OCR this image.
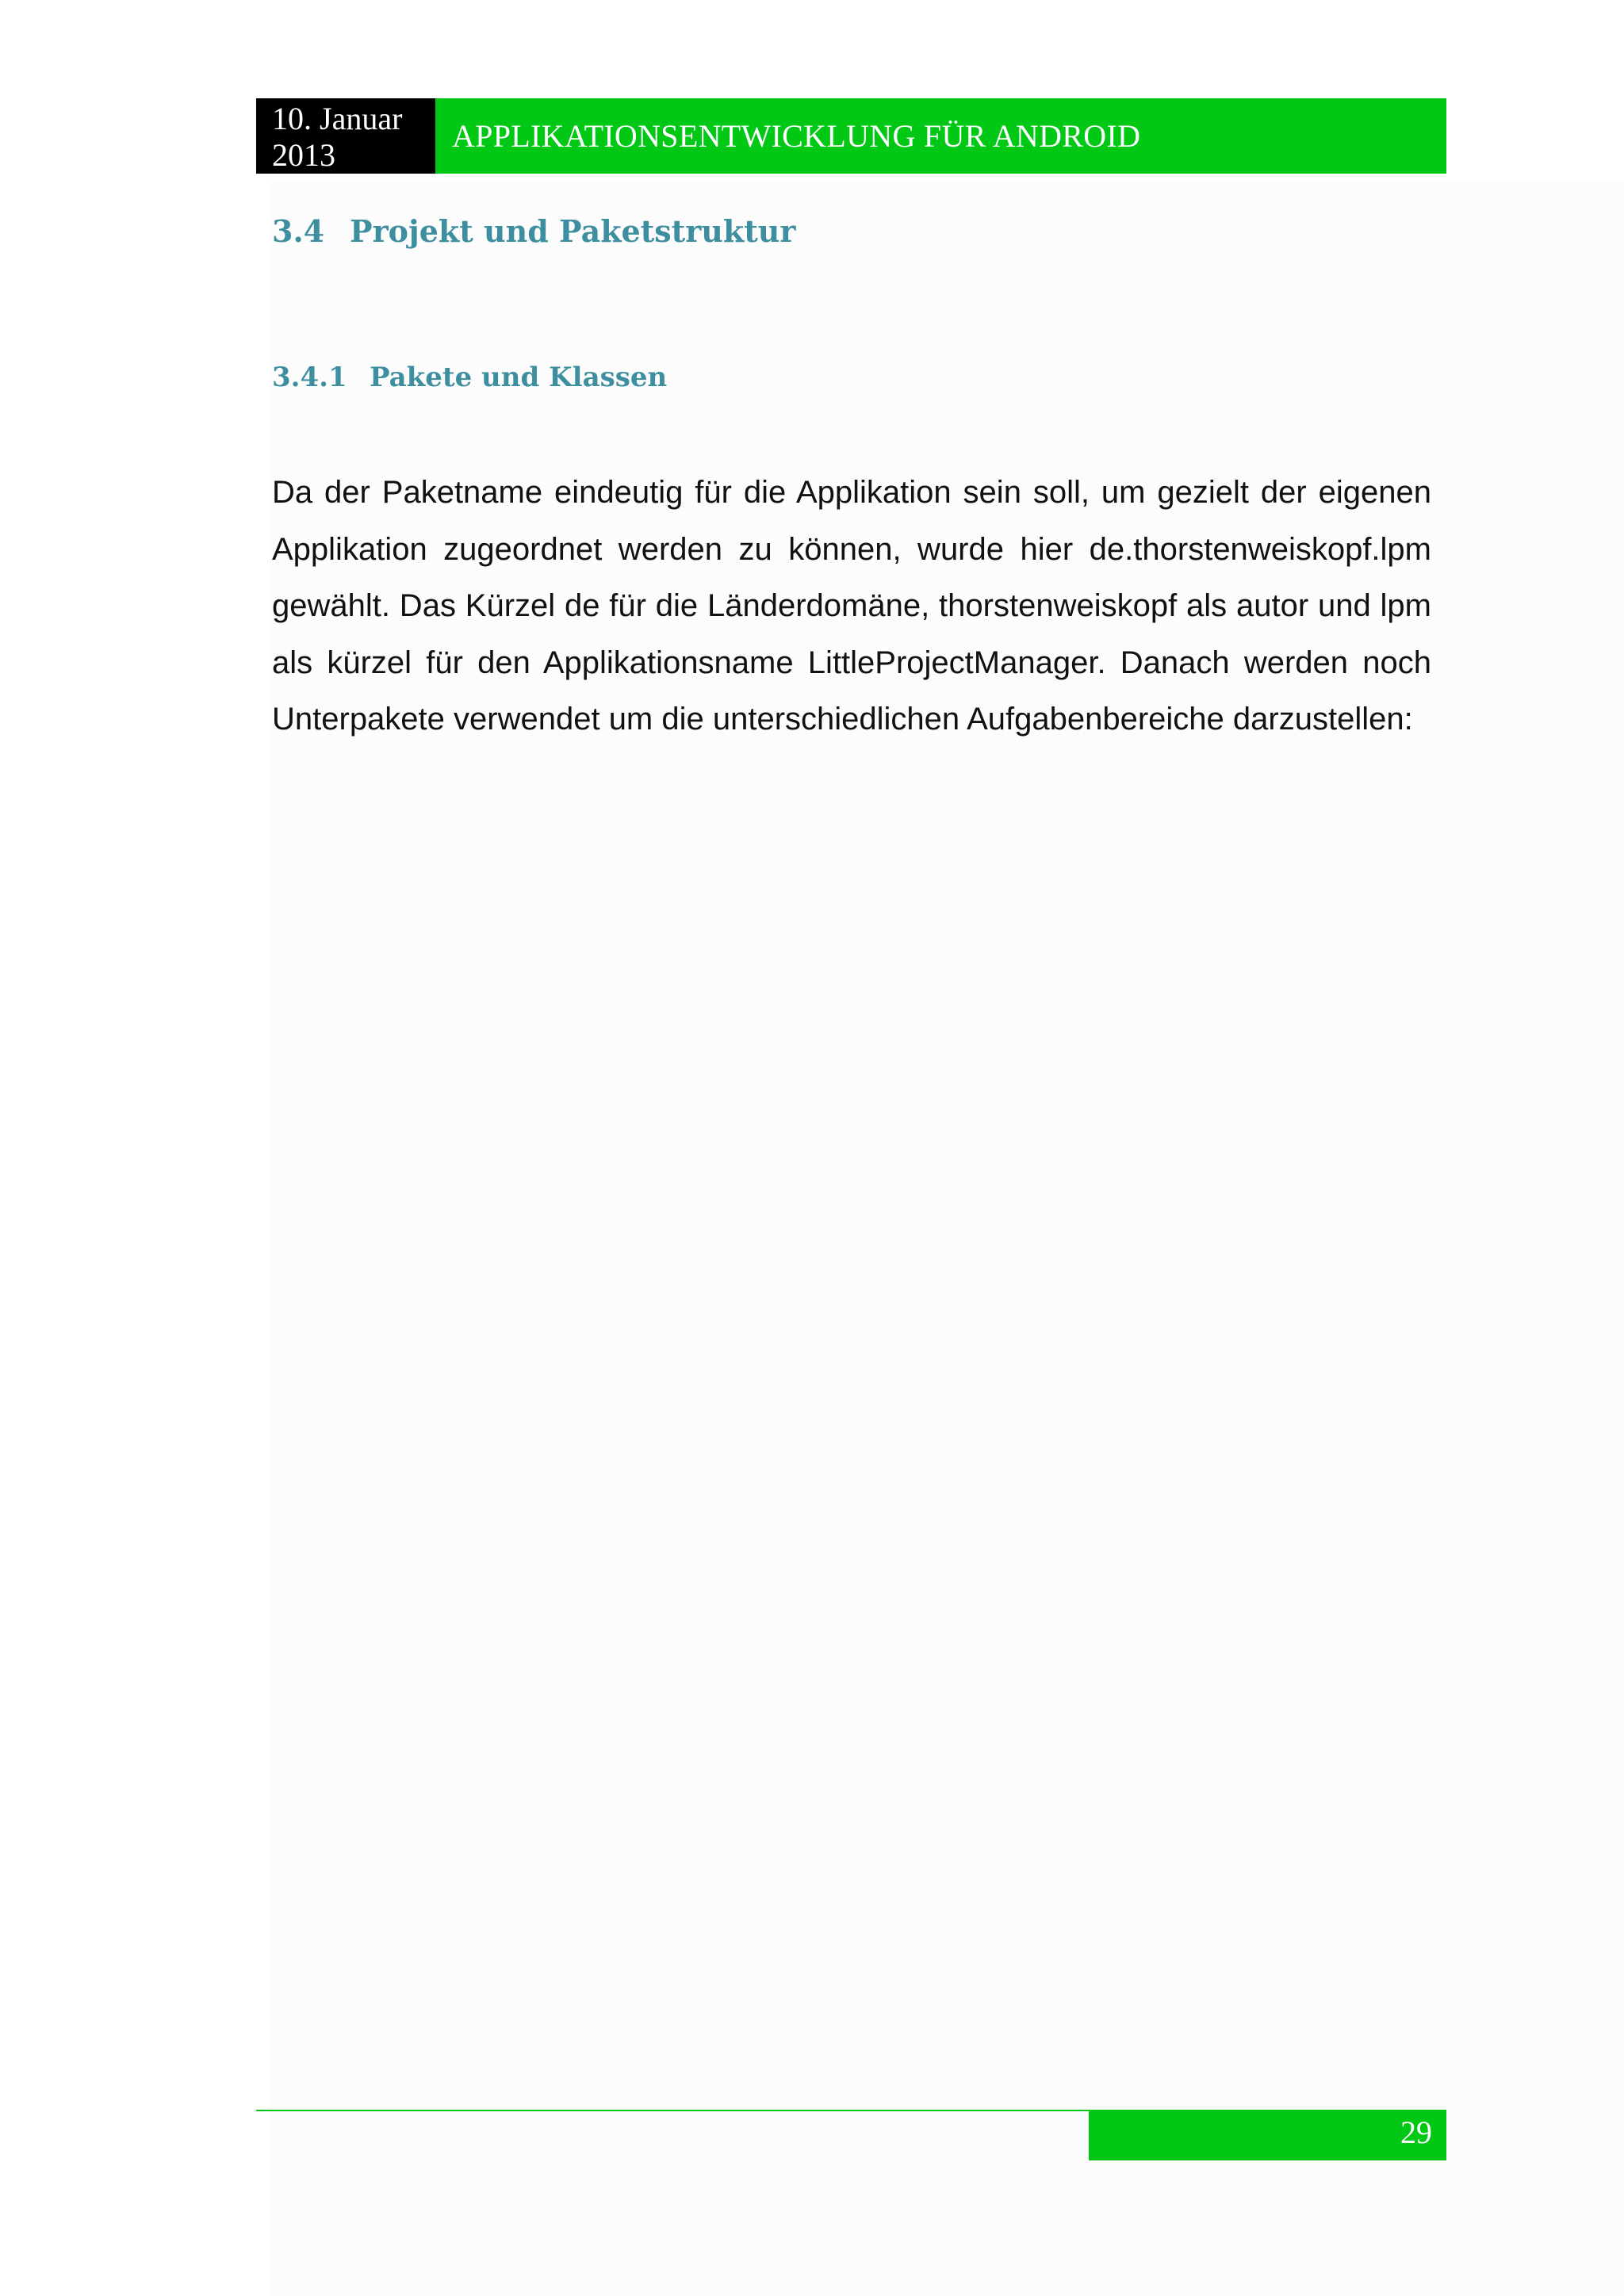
10. Januar
2013
APPLIKATIONSENTWICKLUNG FÜR ANDROID
3.4 Projekt und Paketstruktur
3.4.1 Pakete und Klassen

Da der Paketname eindeutig für die Applikation sein soll, um gezielt der eigenen Applikation zugeordnet werden zu können, wurde hier de.thorstenweiskopf.lpm gewählt. Das Kürzel de für die Länderdomäne, thorstenweiskopf als autor und lpm als kürzel für den Applikationsname LittleProjectManager. Danach werden noch Unterpakete verwendet um die unterschiedlichen Aufgabenbereiche darzustellen:

29
